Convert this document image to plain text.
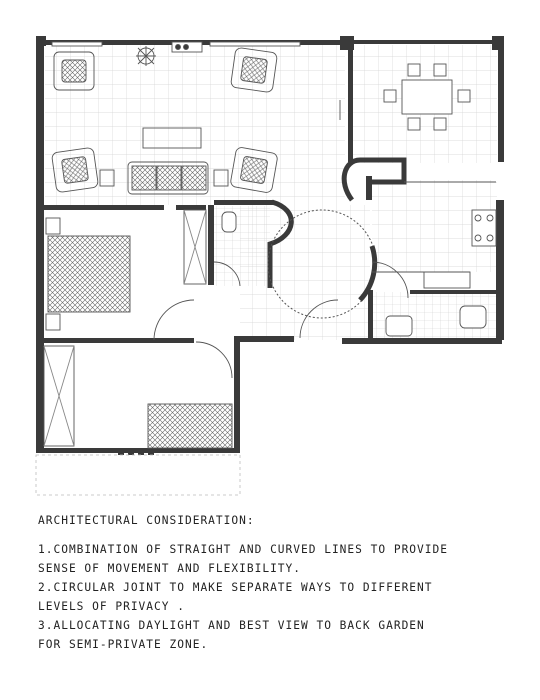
ARCHITECTURAL CONSIDERATION:

1.COMBINATION OF STRAIGHT AND CURVED LINES TO PROVIDE

SENSE OF MOVEMENT AND FLEXIBILITY.

2.CIRCULAR JOINT TO MAKE SEPARATE WAYS TO DIFFERENT

LEVELS OF PRIVACY .

3.ALLOCATING DAYLIGHT AND BEST VIEW TO BACK GARDEN

FOR SEMI-PRIVATE ZONE.
